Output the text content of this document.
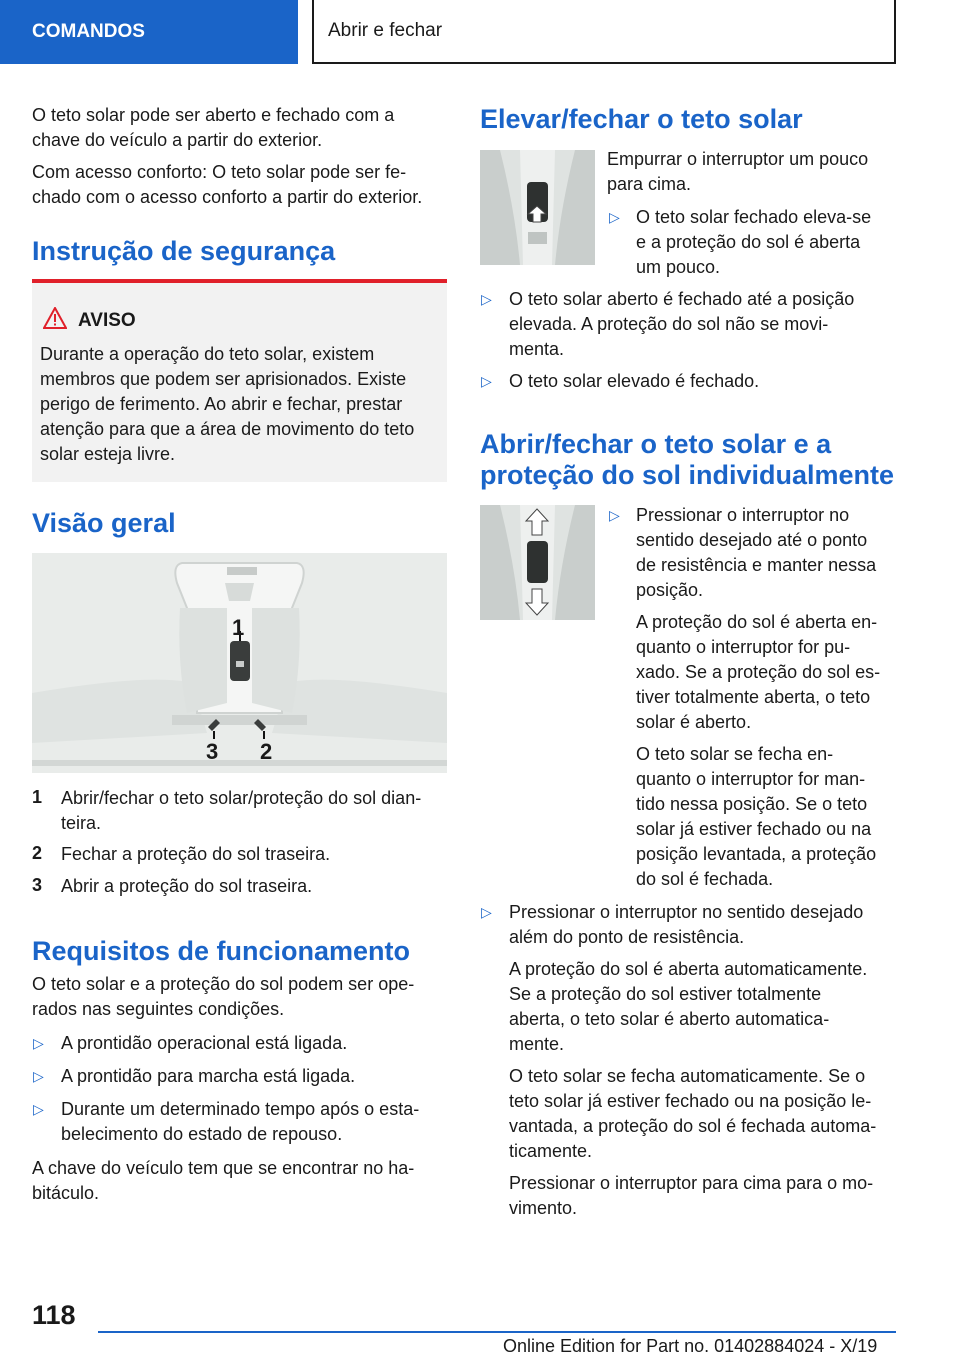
COMANDOS	Abrir e fechar

O teto solar pode ser aberto e fechado com a

chave do veículo a partir do exterior.

Com acesso conforto: O teto solar pode ser fe-

chado com o acesso conforto a partir do exterior.

Instrução de segurança
AVISO

Durante a operação do teto solar, existem

membros que podem ser aprisionados. Existe

perigo de ferimento. Ao abrir e fechar, prestar

atenção para que a área de movimento do teto

solar esteja livre.

Visão geral
1
3 2
1 Abrir/fechar o teto solar/proteção do sol dian-

teira.

2 Fechar a proteção do sol traseira.

3 Abrir a proteção do sol traseira.

Requisitos de funcionamento

O teto solar e a proteção do sol podem ser ope-

rados nas seguintes condições.

▷ A prontidão operacional está ligada.

▷ A prontidão para marcha está ligada.

▷ Durante um determinado tempo após o esta-

belecimento do estado de repouso.

A chave do veículo tem que se encontrar no ha-

bitáculo.

Elevar/fechar o teto solar

Empurrar o interruptor um pouco

para cima.

▷ O teto solar fechado eleva-se

e a proteção do sol é aberta

um pouco.

▷ O teto solar aberto é fechado até a posição

elevada. A proteção do sol não se movi-

menta.

▷ O teto solar elevado é fechado.

Abrir/fechar o teto solar e a
proteção do sol individualmente
▷ Pressionar o interruptor no

sentido desejado até o ponto

de resistência e manter nessa

posição.

A proteção do sol é aberta en-

quanto o interruptor for pu-

xado. Se a proteção do sol es-

tiver totalmente aberta, o teto

solar é aberto.

O teto solar se fecha en-

quanto o interruptor for man-

tido nessa posição. Se o teto

solar já estiver fechado ou na

posição levantada, a proteção

do sol é fechada.

▷ Pressionar o interruptor no sentido desejado

além do ponto de resistência.

A proteção do sol é aberta automaticamente.

Se a proteção do sol estiver totalmente

aberta, o teto solar é aberto automatica-

mente.

O teto solar se fecha automaticamente. Se o

teto solar já estiver fechado ou na posição le-

vantada, a proteção do sol é fechada automa-

ticamente.

Pressionar o interruptor para cima para o mo-

vimento.

118
Online Edition for Part no. 01402884024 - X/19
